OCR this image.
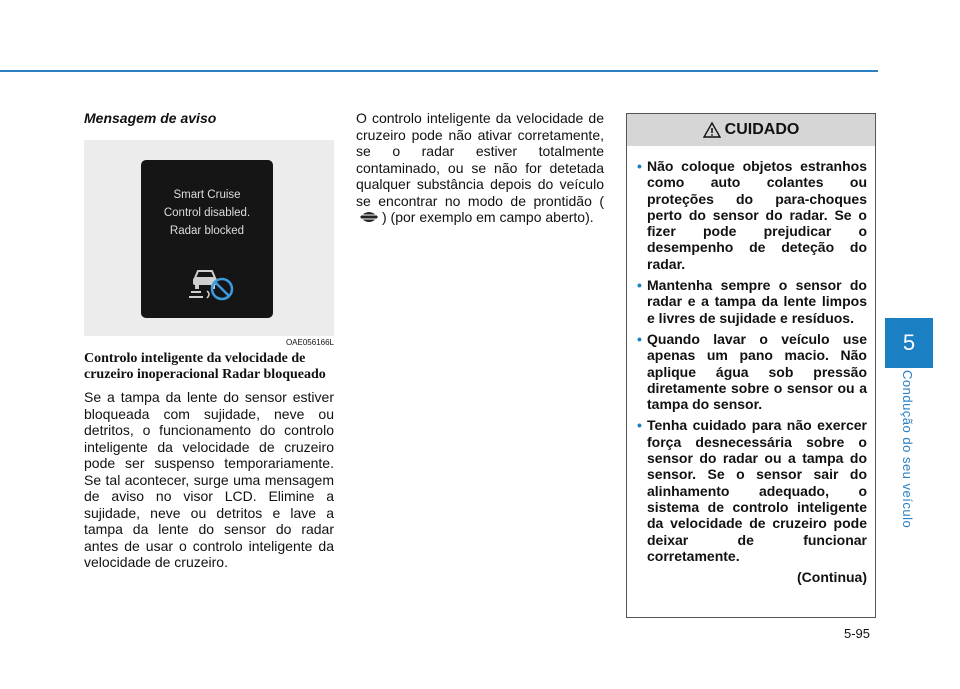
5
Condução do seu veículo

Mensagem de aviso

Smart Cruise
Control disabled.
Radar blocked
OAE056166L

Controlo inteligente da velocidade de cruzeiro inoperacional Radar bloqueado

Se a tampa da lente do sensor estiver bloqueada com sujidade, neve ou detritos, o funcionamento do controlo inteligente da velocidade de cruzeiro pode ser suspenso temporariamente. Se tal acontecer, surge uma mensagem de aviso no visor LCD. Elimine a sujidade, neve ou detritos e lave a tampa da lente do sensor do radar antes de usar o controlo inteligente da velocidade de cruzeiro.

O controlo inteligente da velocidade de cruzeiro pode não ativar corretamente, se o radar estiver totalmente contaminado, ou se não for detetada qualquer substância depois do veículo se encontrar no modo de prontidão () (por exemplo em campo aberto).

CUIDADO
• Não coloque objetos estranhos como auto colantes ou proteções do para-choques perto do sensor do radar. Se o fizer pode prejudicar o desempenho de deteção do radar.
• Mantenha sempre o sensor do radar e a tampa da lente limpos e livres de sujidade e resíduos.
• Quando lavar o veículo use apenas um pano macio. Não aplique água sob pressão diretamente sobre o sensor ou a tampa do sensor.
• Tenha cuidado para não exercer força desnecessária sobre o sensor do radar ou a tampa do sensor. Se o sensor sair do alinhamento adequado, o sistema de controlo inteligente da velocidade de cruzeiro pode deixar de funcionar corretamente.
(Continua)
5-95
